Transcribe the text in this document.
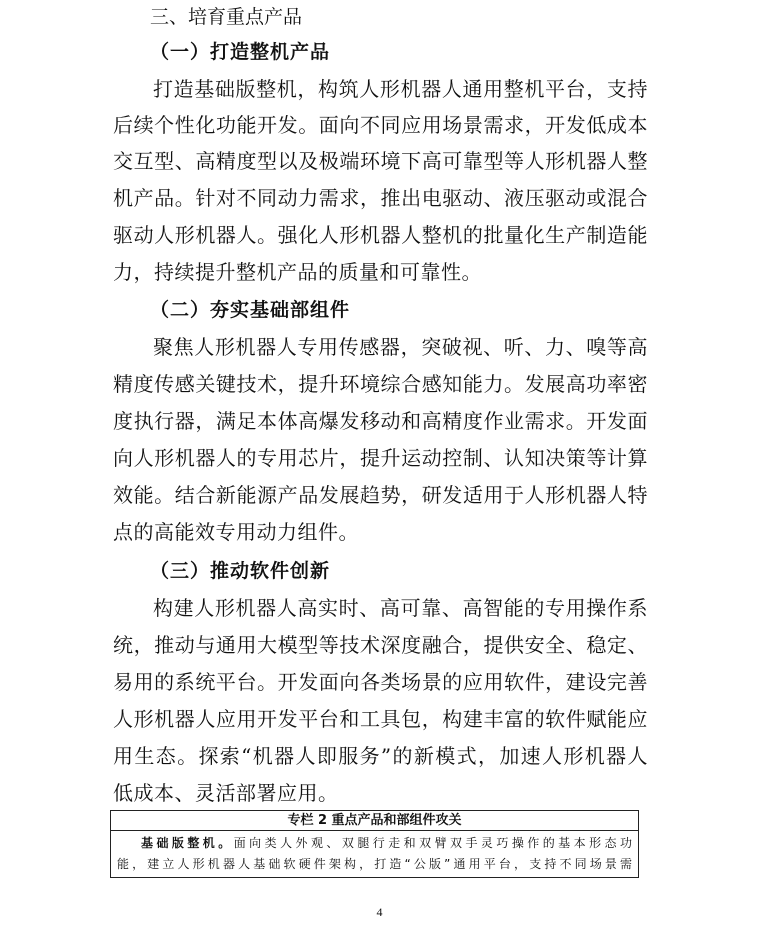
三、培育重点产品
（一）打造整机产品
打造基础版整机，构筑人形机器人通用整机平台，支持
后续个性化功能开发。面向不同应用场景需求，开发低成本
交互型、高精度型以及极端环境下高可靠型等人形机器人整
机产品。针对不同动力需求，推出电驱动、液压驱动或混合
驱动人形机器人。强化人形机器人整机的批量化生产制造能
力，持续提升整机产品的质量和可靠性。
（二）夯实基础部组件
聚焦人形机器人专用传感器，突破视、听、力、嗅等高
精度传感关键技术，提升环境综合感知能力。发展高功率密
度执行器，满足本体高爆发移动和高精度作业需求。开发面
向人形机器人的专用芯片，提升运动控制、认知决策等计算
效能。结合新能源产品发展趋势，研发适用于人形机器人特
点的高能效专用动力组件。
（三）推动软件创新
构建人形机器人高实时、高可靠、高智能的专用操作系
统，推动与通用大模型等技术深度融合，提供安全、稳定、
易用的系统平台。开发面向各类场景的应用软件，建设完善
人形机器人应用开发平台和工具包，构建丰富的软件赋能应
用生态。探索“机器人即服务”的新模式，加速人形机器人
低成本、灵活部署应用。
专栏 2 重点产品和部组件攻关
基础版整机。面向类人外观、双腿行走和双臂双手灵巧操作的基本形态功
能，建立人形机器人基础软硬件架构，打造“公版”通用平台，支持不同场景需
4
